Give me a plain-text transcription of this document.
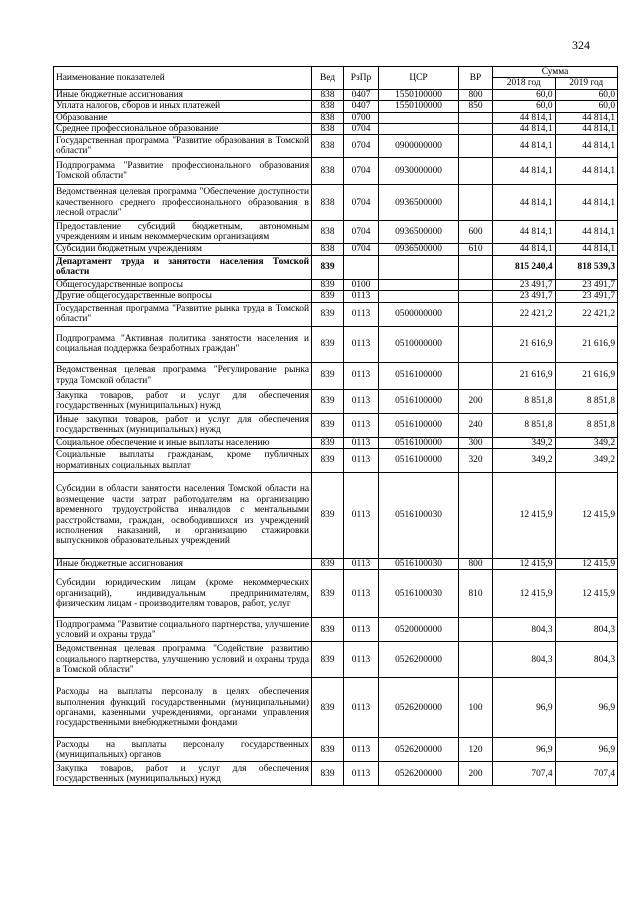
324
Наименование показателей	Вед	РзПр	ЦСР	ВР	Сумма	
					2018 год	2019 год
Иные бюджетные ассигнования	838	0407	1550100000	800	60,0	60,0
Уплата налогов, сборов и иных платежей	838	0407	1550100000	850	60,0	60,0
Образование	838	0700			44 814,1	44 814,1
Среднее профессиональное образование	838	0704			44 814,1	44 814,1
Государственная программа "Развитие образования в Томской области"	838	0704	0900000000		44 814,1	44 814,1
Подпрограмма "Развитие профессионального образования Томской области"	838	0704	0930000000		44 814,1	44 814,1
Ведомственная целевая программа "Обеспечение доступности качественного среднего профессионального образования в лесной отрасли"	838	0704	0936500000		44 814,1	44 814,1
Предоставление субсидий бюджетным, автономным учреждениям и иным некоммерческим организациям	838	0704	0936500000	600	44 814,1	44 814,1
Субсидии бюджетным учреждениям	838	0704	0936500000	610	44 814,1	44 814,1
Департамент труда и занятости населения Томской области	839				815 240,4	818 539,3
Общегосударственные вопросы	839	0100			23 491,7	23 491,7
Другие общегосударственные вопросы	839	0113			23 491,7	23 491,7
Государственная программа "Развитие рынка труда в Томской области"	839	0113	0500000000		22 421,2	22 421,2
Подпрограмма "Активная политика занятости населения и социальная поддержка безработных граждан"	839	0113	0510000000		21 616,9	21 616,9
Ведомственная целевая программа "Регулирование рынка труда Томской области"	839	0113	0516100000		21 616,9	21 616,9
Закупка товаров, работ и услуг для обеспечения государственных (муниципальных) нужд	839	0113	0516100000	200	8 851,8	8 851,8
Иные закупки товаров, работ и услуг для обеспечения государственных (муниципальных) нужд	839	0113	0516100000	240	8 851,8	8 851,8
Социальное обеспечение и иные выплаты населению	839	0113	0516100000	300	349,2	349,2
Социальные выплаты гражданам, кроме публичных нормативных социальных выплат	839	0113	0516100000	320	349,2	349,2
Субсидии в области занятости населения Томской области на возмещение части затрат работодателям на организацию временного трудоустройства инвалидов с ментальными расстройствами, граждан, освободившихся из учреждений исполнения наказаний, и организацию стажировки выпускников образовательных учреждений	839	0113	0516100030		12 415,9	12 415,9
Иные бюджетные ассигнования	839	0113	0516100030	800	12 415,9	12 415,9
Субсидии юридическим лицам (кроме некоммерческих организаций), индивидуальным предпринимателям, физическим лицам - производителям товаров, работ, услуг	839	0113	0516100030	810	12 415,9	12 415,9
Подпрограмма "Развитие социального партнерства, улучшение условий и охраны труда"	839	0113	0520000000		804,3	804,3
Ведомственная целевая программа "Содействие развитию социального партнерства, улучшению условий и охраны труда в Томской области"	839	0113	0526200000		804,3	804,3
Расходы на выплаты персоналу в целях обеспечения выполнения функций государственными (муниципальными) органами, казенными учреждениями, органами управления государственными внебюджетными фондами	839	0113	0526200000	100	96,9	96,9
Расходы на выплаты персоналу государственных (муниципальных) органов	839	0113	0526200000	120	96,9	96,9
Закупка товаров, работ и услуг для обеспечения государственных (муниципальных) нужд	839	0113	0526200000	200	707,4	707,4
